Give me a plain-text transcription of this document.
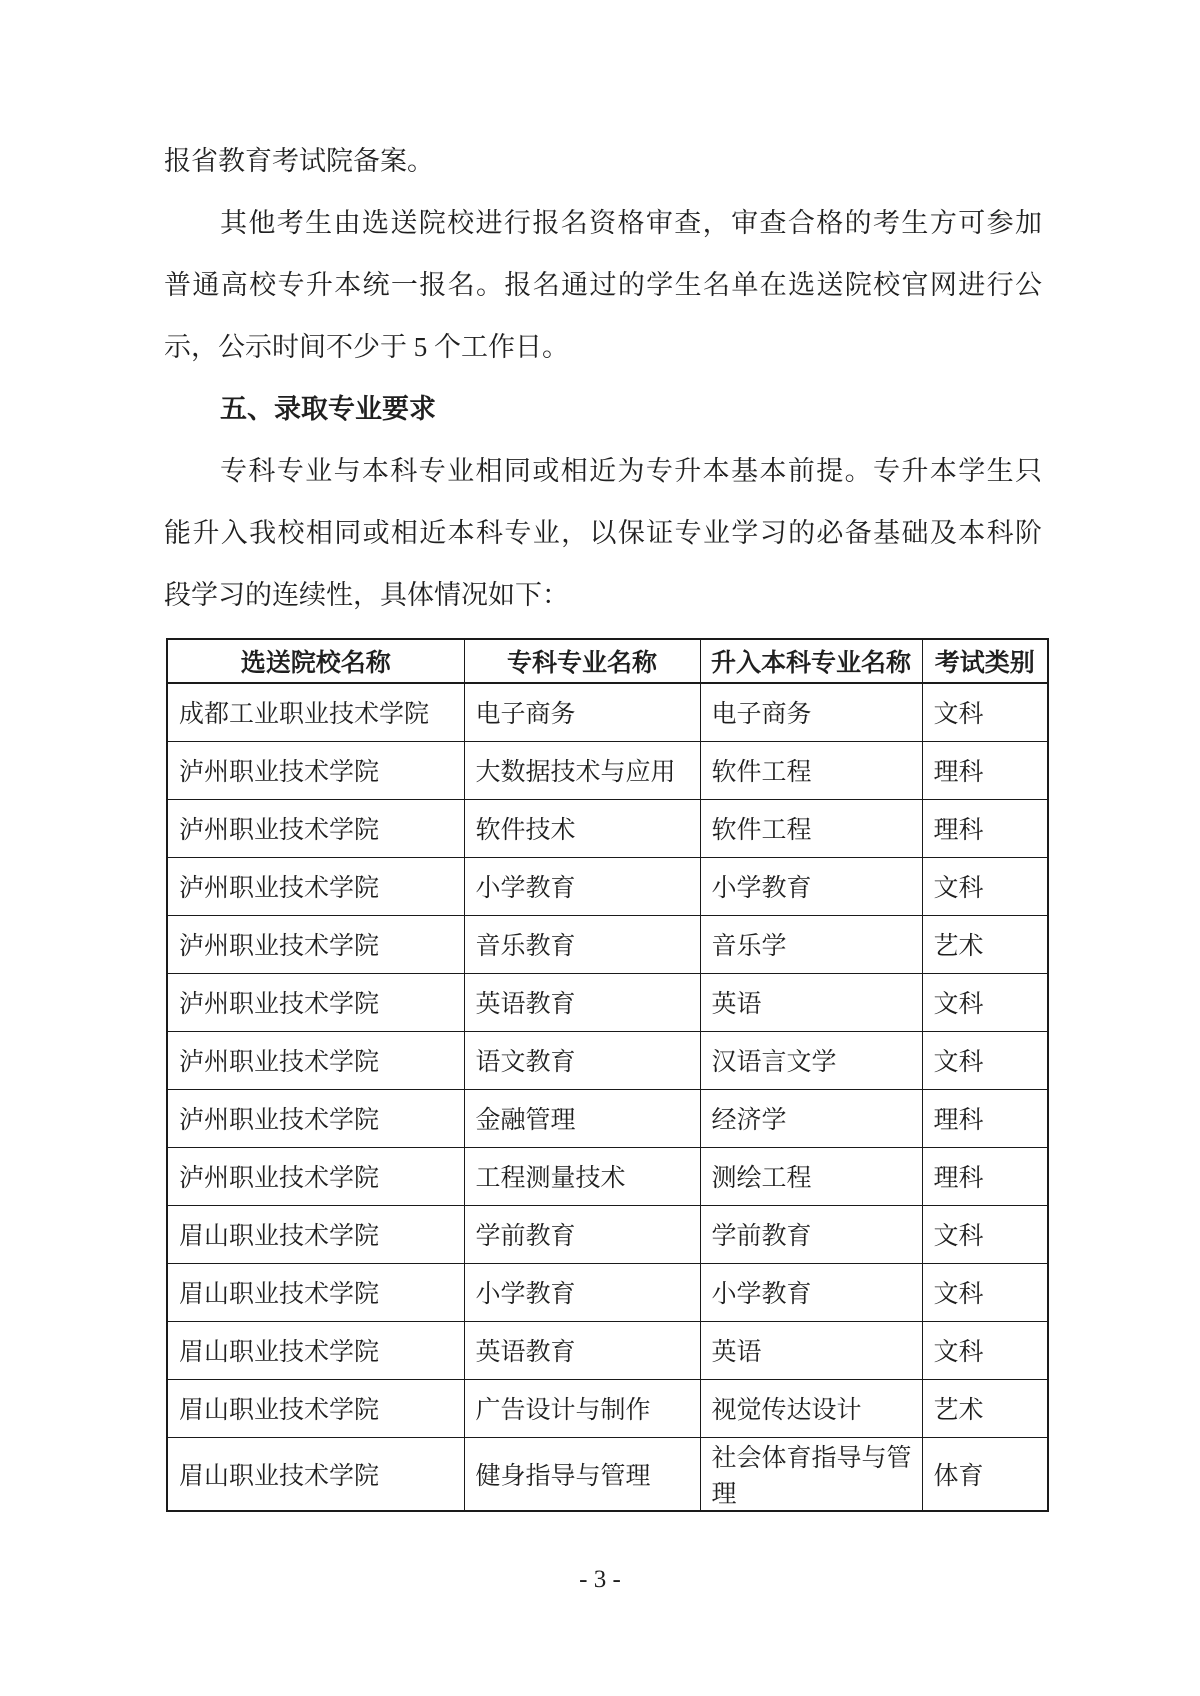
报省教育考试院备案。
其他考生由选送院校进行报名资格审查，审查合格的考生方可参加
普通高校专升本统一报名。报名通过的学生名单在选送院校官网进行公
示，公示时间不少于 5 个工作日。
五、录取专业要求
专科专业与本科专业相同或相近为专升本基本前提。专升本学生只
能升入我校相同或相近本科专业，以保证专业学习的必备基础及本科阶
段学习的连续性，具体情况如下：
选送院校名称	专科专业名称	升入本科专业名称	考试类别
成都工业职业技术学院	电子商务	电子商务	文科
泸州职业技术学院	大数据技术与应用	软件工程	理科
泸州职业技术学院	软件技术	软件工程	理科
泸州职业技术学院	小学教育	小学教育	文科
泸州职业技术学院	音乐教育	音乐学	艺术
泸州职业技术学院	英语教育	英语	文科
泸州职业技术学院	语文教育	汉语言文学	文科
泸州职业技术学院	金融管理	经济学	理科
泸州职业技术学院	工程测量技术	测绘工程	理科
眉山职业技术学院	学前教育	学前教育	文科
眉山职业技术学院	小学教育	小学教育	文科
眉山职业技术学院	英语教育	英语	文科
眉山职业技术学院	广告设计与制作	视觉传达设计	艺术
眉山职业技术学院	健身指导与管理	社会体育指导与管理	体育
- 3 -
